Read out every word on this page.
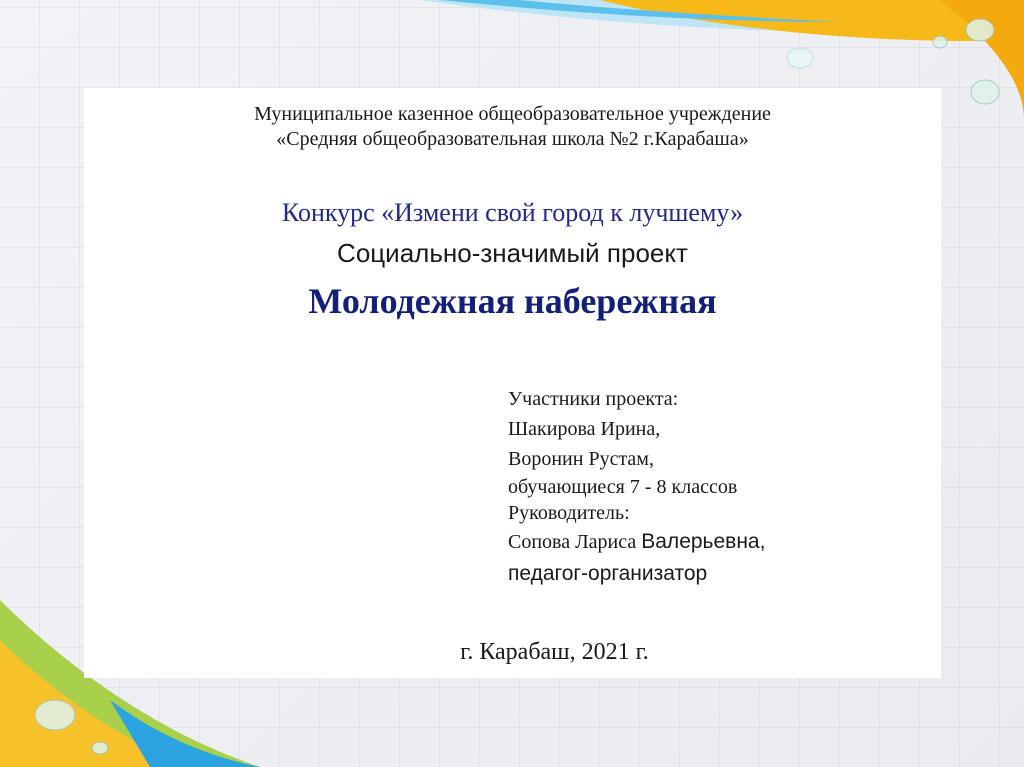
Муниципальное казенное общеобразовательное учреждение
«Средняя общеобразовательная школа №2 г.Карабаша»
Конкурс «Измени свой город к лучшему»
Социально-значимый проект
Молодежная набережная
Участники проекта:
Шакирова Ирина,
Воронин Рустам,
обучающиеся 7 - 8 классов
Руководитель:
Сопова Лариса Валерьевна,
педагог-организатор
г. Карабаш, 2021 г.
